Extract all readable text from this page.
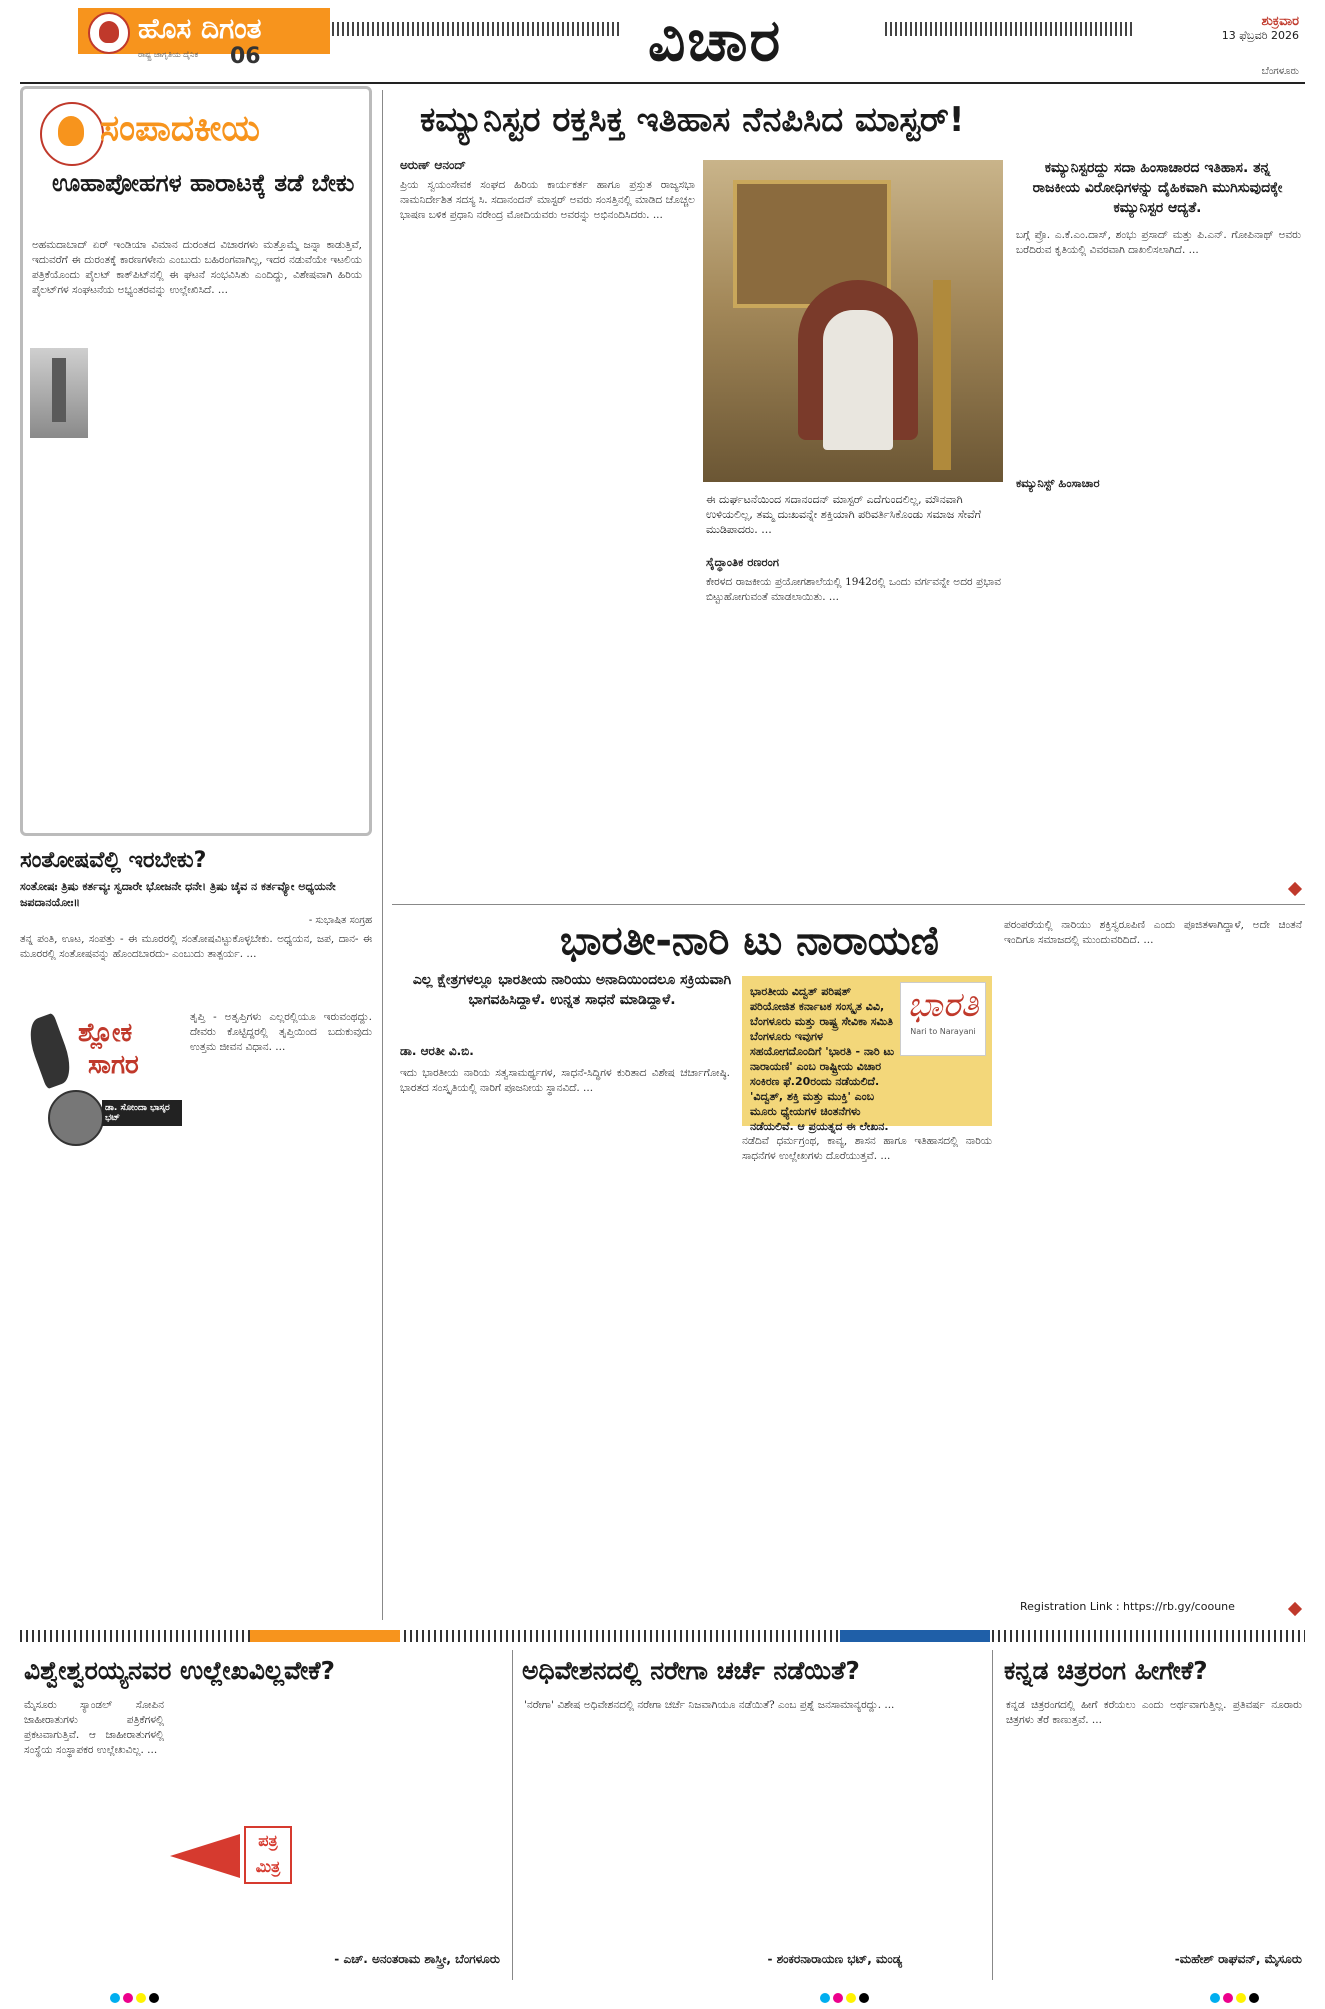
ಹೊಸ ದಿಗಂತ
ರಾಷ್ಟ್ರ ಜಾಗೃತಿಯ ದೈನಿಕ 06	ವಿಚಾರ	ಶುಕ್ರವಾರ
13 ಫೆಬ್ರವರಿ 2026
ಬೆಂಗಳೂರು
ಸಂಪಾದಕೀಯ
ಊಹಾಪೋಹಗಳ ಹಾರಾಟಕ್ಕೆ ತಡೆ ಬೇಕು
ಅಹಮದಾಬಾದ್ ಏರ್ ಇಂಡಿಯಾ ವಿಮಾನ ದುರಂತದ ವಿಚಾರಗಳು ಮತ್ತೊಮ್ಮೆ ಜನ್ನಾ ಕಾಡುತ್ತಿವೆ, ಇದುವರೆಗೆ ಈ ದುರಂತಕ್ಕೆ ಕಾರಣಗಳೇನು ಎಂಬುದು ಬಹಿರಂಗವಾಗಿಲ್ಲ, ಇದರ ನಡುವೆಯೇ ಇಟಲಿಯ ಪತ್ರಿಕೆಯೊಂದು ಪೈಲಟ್ ಕಾಕ್‌ಪಿಟ್‌ನಲ್ಲಿ ಈ ಘಟನೆ ಸಂಭವಿಸಿತು ಎಂದಿದ್ದು, ವಿಶೇಷವಾಗಿ ಹಿರಿಯ ಪೈಲಟ್‌ಗಳ ಸಂಘಟನೆಯ ಅಭ್ಯಂತರವನ್ನು ಉಲ್ಲೇಖಿಸಿದೆ. ...
ಸಂತೋಷವೆಲ್ಲಿ ಇರಬೇಕು?
ಸಂತೋಷಃ ತ್ರಿಷು ಕರ್ತವ್ಯಃ ಸ್ವದಾರೇ ಭೋಜನೇ ಧನೇ। ತ್ರಿಷು ಚೈವ ನ ಕರ್ತವ್ಯೋ ಅಧ್ಯಯನೇ ಜಪದಾನಯೋಃ॥
- ಸುಭಾಷಿತ ಸಂಗ್ರಹ
ತನ್ನ ಪಂತಿ, ಊಟ, ಸಂಪತ್ತು - ಈ ಮೂರರಲ್ಲಿ ಸಂತೋಷವಿಟ್ಟುಕೊಳ್ಳಬೇಕು. ಅಧ್ಯಯನ, ಜಪ, ದಾನ- ಈ ಮೂರರಲ್ಲಿ ಸಂತೋಷವನ್ನು ಹೊಂದಬಾರದು- ಎಂಬುದು ತಾತ್ಪರ್ಯ. ...
ಶ್ಲೋಕ
ಸಾಗರ
ಡಾ. ಸೋಂದಾ ಭಾಸ್ಕರ ಭಟ್
ತೃಪ್ತಿ - ಅತೃಪ್ತಿಗಳು ಎಲ್ಲರಲ್ಲಿಯೂ ಇರುವಂಥದ್ದು. ದೇವರು ಕೊಟ್ಟಿದ್ದರಲ್ಲಿ ತೃಪ್ತಿಯಿಂದ ಬದುಕುವುದು ಉತ್ತಮ ಜೀವನ ವಿಧಾನ. ...
ಕಮ್ಯುನಿಸ್ಟರ ರಕ್ತಸಿಕ್ತ ಇತಿಹಾಸ ನೆನಪಿಸಿದ ಮಾಸ್ಟರ್!
ಅರುಣ್ ಆನಂದ್
ಪ್ರಿಯ ಸ್ವಯಂಸೇವಕ ಸಂಘದ ಹಿರಿಯ ಕಾರ್ಯಕರ್ತ ಹಾಗೂ ಪ್ರಸ್ತುತ ರಾಜ್ಯಸಭಾ ನಾಮನಿರ್ದೇಶಿತ ಸದಸ್ಯ ಸಿ. ಸದಾನಂದನ್ ಮಾಸ್ಟರ್ ಅವರು ಸಂಸತ್ತಿನಲ್ಲಿ ಮಾಡಿದ ಚೊಚ್ಚಲ ಭಾಷಣ ಬಳಿಕ ಪ್ರಧಾನಿ ನರೇಂದ್ರ ಮೋದಿಯವರು ಅವರನ್ನು ಅಭಿನಂದಿಸಿದರು. ...
ಈ ದುರ್ಘಟನೆಯಿಂದ ಸದಾನಂದನ್ ಮಾಸ್ಟರ್ ಎದೆಗುಂದಲಿಲ್ಲ, ಮೌನವಾಗಿ ಉಳಿಯಲಿಲ್ಲ, ತಮ್ಮ ದುಃಖವನ್ನೇ ಶಕ್ತಿಯಾಗಿ ಪರಿವರ್ತಿಸಿಕೊಂಡು ಸಮಾಜ ಸೇವೆಗೆ ಮುಡಿಪಾದರು. ...
ಸೈದ್ಧಾಂತಿಕ ರಣರಂಗ
ಕೇರಳದ ರಾಜಕೀಯ ಪ್ರಯೋಗಶಾಲೆಯಲ್ಲಿ 1942ರಲ್ಲಿ ಒಂದು ವರ್ಗವನ್ನೇ ಅದರ ಪ್ರಭಾವ ಬಿಟ್ಟುಹೋಗುವಂತೆ ಮಾಡಲಾಯಿತು. ...
ಕಮ್ಯುನಿಸ್ಟರದ್ದು ಸದಾ ಹಿಂಸಾಚಾರದ ಇತಿಹಾಸ. ತನ್ನ ರಾಜಕೀಯ ವಿರೋಧಿಗಳನ್ನು ದೈಹಿಕವಾಗಿ ಮುಗಿಸುವುದಕ್ಕೇ ಕಮ್ಯುನಿಸ್ಟರ ಆದ್ಯತೆ.
ಬಗ್ಗೆ ಪ್ರೊ. ಎ.ಕೆ.ಎಂ.ದಾಸ್, ಶಂಭು ಪ್ರಸಾದ್ ಮತ್ತು ಪಿ.ಎನ್. ಗೋಪಿನಾಥ್ ಅವರು ಬರೆದಿರುವ ಕೃತಿಯಲ್ಲಿ ವಿವರವಾಗಿ ದಾಖಲಿಸಲಾಗಿದೆ. ...
ಕಮ್ಯುನಿಸ್ಟ್ ಹಿಂಸಾಚಾರ
ಭಾರತೀ-ನಾರಿ ಟು ನಾರಾಯಣಿ
ಎಲ್ಲ ಕ್ಷೇತ್ರಗಳಲ್ಲೂ ಭಾರತೀಯ ನಾರಿಯು ಅನಾದಿಯಿಂದಲೂ ಸಕ್ರಿಯವಾಗಿ ಭಾಗವಹಿಸಿದ್ದಾಳೆ. ಉನ್ನತ ಸಾಧನೆ ಮಾಡಿದ್ದಾಳೆ.
ಡಾ. ಆರತೀ ವಿ.ಬಿ.
ಇದು ಭಾರತೀಯ ನಾರಿಯ ಸತ್ವಸಾಮರ್ಥ್ಯಗಳ, ಸಾಧನೆ-ಸಿದ್ಧಿಗಳ ಕುರಿತಾದ ವಿಶೇಷ ಚರ್ಚಾಗೋಷ್ಠಿ. ಭಾರತದ ಸಂಸ್ಕೃತಿಯಲ್ಲಿ ನಾರಿಗೆ ಪೂಜನೀಯ ಸ್ಥಾನವಿದೆ. ...
ಭಾರತೀಯ ವಿದ್ವತ್ ಪರಿಷತ್ ಪರಿಯೋಜಿತ ಕರ್ನಾಟಕ ಸಂಸ್ಕೃತ ವಿವಿ, ಬೆಂಗಳೂರು ಮತ್ತು ರಾಷ್ಟ್ರ ಸೇವಿಕಾ ಸಮಿತಿ ಬೆಂಗಳೂರು ಇವುಗಳ ಸಹಯೋಗದೊಂದಿಗೆ 'ಭಾರತಿ - ನಾರಿ ಟು ನಾರಾಯಣಿ' ಎಂಬ ರಾಷ್ಟ್ರೀಯ ವಿಚಾರ ಸಂಕಿರಣ ಫೆ.20ರಂದು ನಡೆಯಲಿದೆ. 'ವಿದ್ವತ್, ಶಕ್ತಿ ಮತ್ತು ಮುಕ್ತಿ' ಎಂಬ ಮೂರು ಧ್ಯೇಯಗಳ ಚಿಂತನೆಗಳು ನಡೆಯಲಿವೆ. ಆ ಪ್ರಯತ್ನದ ಈ ಲೇಖನ.
ಭಾರತಿ
Nari to Narayani
ನಡೆದಿವೆ ಧರ್ಮಗ್ರಂಥ, ಕಾವ್ಯ, ಶಾಸನ ಹಾಗೂ ಇತಿಹಾಸದಲ್ಲಿ ನಾರಿಯ ಸಾಧನೆಗಳ ಉಲ್ಲೇಖಗಳು ದೊರೆಯುತ್ತವೆ. ...
ಪರಂಪರೆಯಲ್ಲಿ ನಾರಿಯು ಶಕ್ತಿಸ್ವರೂಪಿಣಿ ಎಂದು ಪೂಜಿತಳಾಗಿದ್ದಾಳೆ, ಅದೇ ಚಿಂತನೆ ಇಂದಿಗೂ ಸಮಾಜದಲ್ಲಿ ಮುಂದುವರಿದಿದೆ. ...
Registration Link : https://rb.gy/cooune
ವಿಶ್ವೇಶ್ವರಯ್ಯನವರ ಉಲ್ಲೇಖವಿಲ್ಲವೇಕೆ?
ಮೈಸೂರು ಸ್ಯಾಂಡಲ್ ಸೋಪಿನ ಜಾಹೀರಾತುಗಳು ಪತ್ರಿಕೆಗಳಲ್ಲಿ ಪ್ರಕಟವಾಗುತ್ತಿವೆ. ಆ ಜಾಹೀರಾತುಗಳಲ್ಲಿ ಸಂಸ್ಥೆಯ ಸಂಸ್ಥಾಪಕರ ಉಲ್ಲೇಖವಿಲ್ಲ. ...
ಪತ್ರ
ಮಿತ್ರ
- ಎಚ್. ಅನಂತರಾಮ ಶಾಸ್ತ್ರೀ, ಬೆಂಗಳೂರು
ಅಧಿವೇಶನದಲ್ಲಿ ನರೇಗಾ ಚರ್ಚೆ ನಡೆಯಿತೆ?
'ನರೇಗಾ' ವಿಶೇಷ ಅಧಿವೇಶನದಲ್ಲಿ ನರೇಗಾ ಚರ್ಚೆ ನಿಜವಾಗಿಯೂ ನಡೆಯಿತೆ? ಎಂಬ ಪ್ರಶ್ನೆ ಜನಸಾಮಾನ್ಯರದ್ದು. ...
- ಶಂಕರನಾರಾಯಣ ಭಟ್, ಮಂಡ್ಯ
ಕನ್ನಡ ಚಿತ್ರರಂಗ ಹೀಗೇಕೆ?
ಕನ್ನಡ ಚಿತ್ರರಂಗದಲ್ಲಿ ಹೀಗೆ ಕರೆಯಲು ಎಂದು ಅರ್ಥವಾಗುತ್ತಿಲ್ಲ. ಪ್ರತಿವರ್ಷ ನೂರಾರು ಚಿತ್ರಗಳು ತೆರೆ ಕಾಣುತ್ತವೆ. ...
-ಮಹೇಶ್ ರಾಘವನ್, ಮೈಸೂರು
